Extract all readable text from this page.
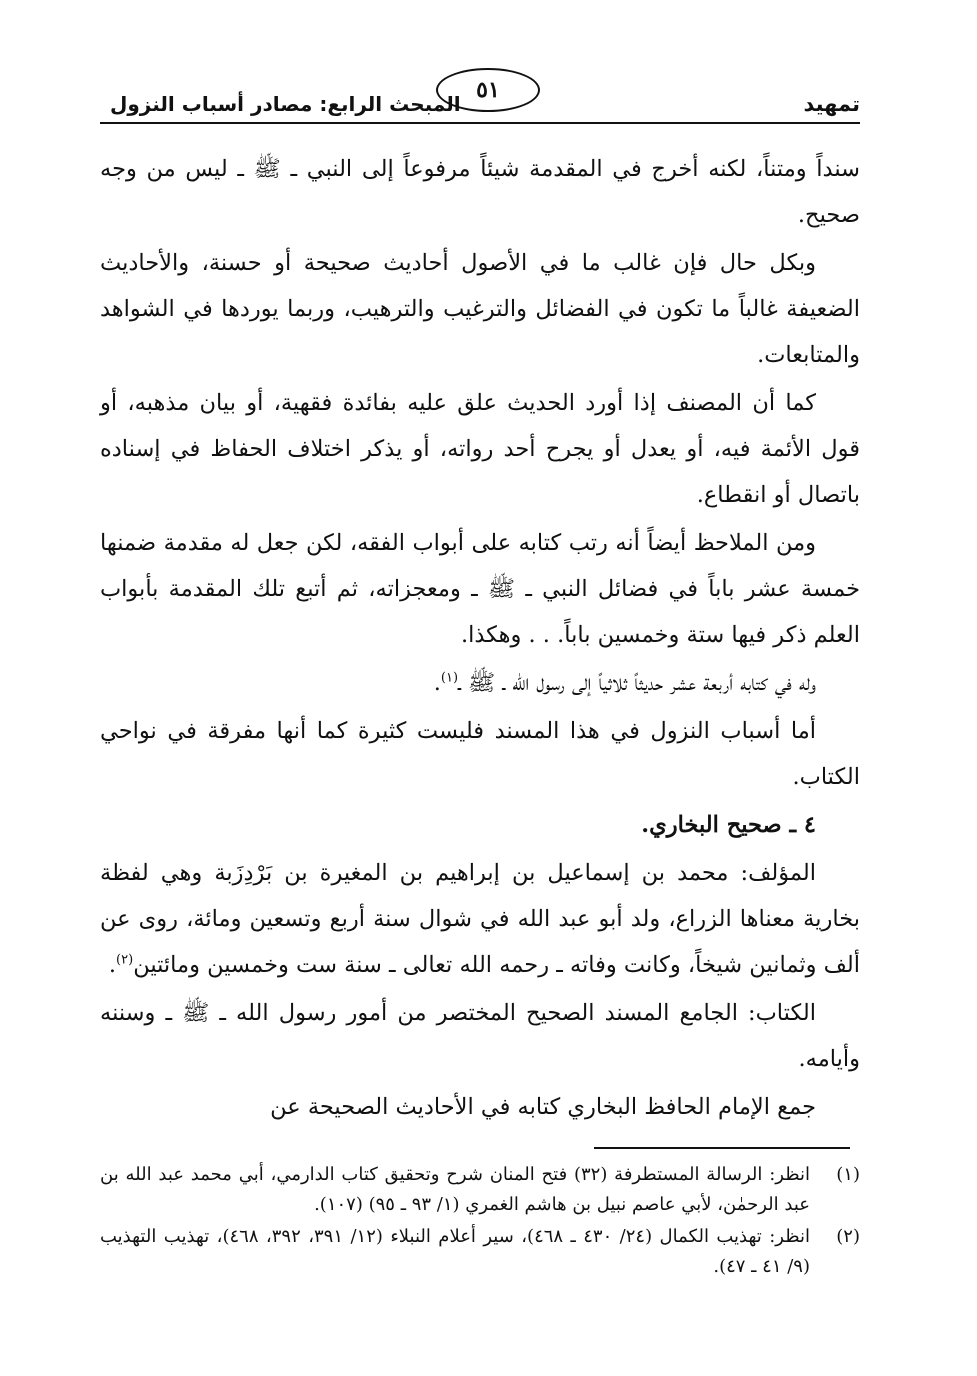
تمهيد
٥١
المبحث الرابع: مصادر أسباب النزول

سنداً ومتناً، لكنه أخرج في المقدمة شيئاً مرفوعاً إلى النبي ـ ﷺ ـ ليس من وجه صحيح.

وبكل حال فإن غالب ما في الأصول أحاديث صحيحة أو حسنة، والأحاديث الضعيفة غالباً ما تكون في الفضائل والترغيب والترهيب، وربما يوردها في الشواهد والمتابعات.

كما أن المصنف إذا أورد الحديث علق عليه بفائدة فقهية، أو بيان مذهبه، أو قول الأئمة فيه، أو يعدل أو يجرح أحد رواته، أو يذكر اختلاف الحفاظ في إسناده باتصال أو انقطاع.

ومن الملاحظ أيضاً أنه رتب كتابه على أبواب الفقه، لكن جعل له مقدمة ضمنها خمسة عشر باباً في فضائل النبي ـ ﷺ ـ ومعجزاته، ثم أتبع تلك المقدمة بأبواب العلم ذكر فيها ستة وخمسين باباً. . . وهكذا.

وله في كتابه أربعة عشر حديثاً ثلاثياً إلى رسول الله ـ ﷺ ـ$^{(١)}$.

أما أسباب النزول في هذا المسند فليست كثيرة كما أنها مفرقة في نواحي الكتاب.

٤ ـ صحيح البخاري.

المؤلف: محمد بن إسماعيل بن إبراهيم بن المغيرة بن بَرْدِزَبة وهي لفظة بخارية معناها الزراع، ولد أبو عبد الله في شوال سنة أربع وتسعين ومائة، روى عن ألف وثمانين شيخاً، وكانت وفاته ـ رحمه الله تعالى ـ سنة ست وخمسين ومائتين$^{(٢)}$.

الكتاب: الجامع المسند الصحيح المختصر من أمور رسول الله ـ ﷺ ـ وسننه وأيامه.

جمع الإمام الحافظ البخاري كتابه في الأحاديث الصحيحة عن

(١)
انظر: الرسالة المستطرفة (٣٢) فتح المنان شرح وتحقيق كتاب الدارمي، أبي محمد عبد الله بن عبد الرحمٰن، لأبي عاصم نبيل بن هاشم الغمري (١/ ٩٣ ـ ٩٥) (١٠٧).
(٢)
انظر: تهذيب الكمال (٢٤/ ٤٣٠ ـ ٤٦٨)، سير أعلام النبلاء (١٢/ ٣٩١، ٣٩٢، ٤٦٨)، تهذيب التهذيب (٩/ ٤١ ـ ٤٧).
